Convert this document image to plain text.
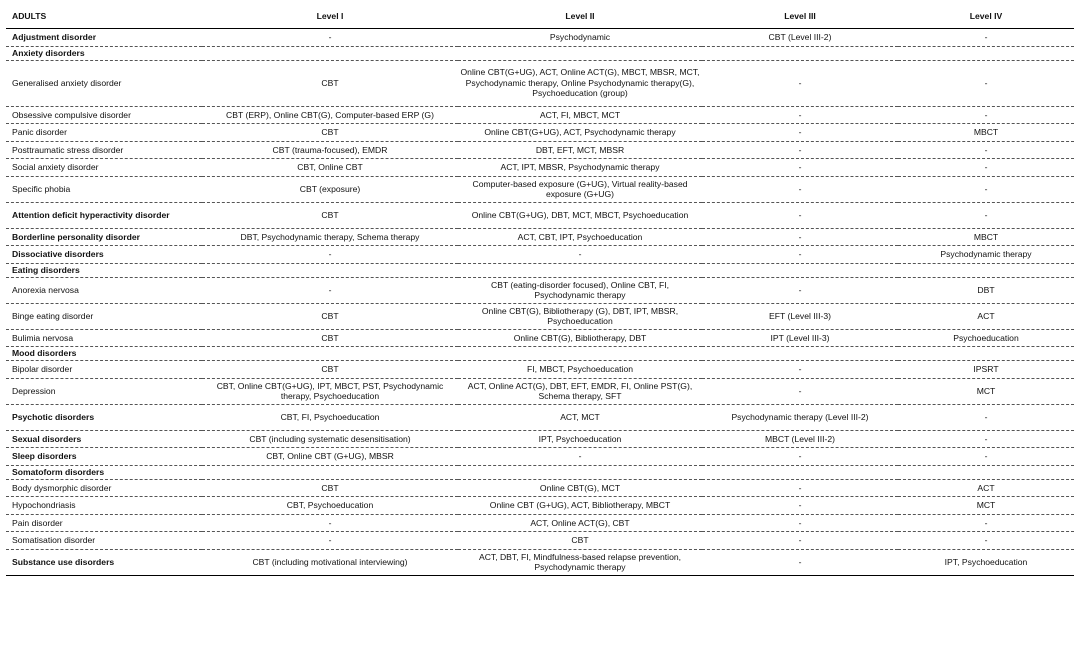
ADULTS	Level I	Level II	Level III	Level IV
Adjustment disorder	-	Psychodynamic	CBT (Level III-2)	-
Anxiety disorders				
Generalised anxiety disorder	CBT	Online CBT(G+UG), ACT, Online ACT(G), MBCT, MBSR, MCT, Psychodynamic therapy, Online Psychodynamic therapy(G), Psychoeducation (group)	-	-
Obsessive compulsive disorder	CBT (ERP), Online CBT(G), Computer-based ERP (G)	ACT, FI, MBCT, MCT	-	-
Panic disorder	CBT	Online CBT(G+UG), ACT, Psychodynamic therapy	-	MBCT
Posttraumatic stress disorder	CBT (trauma-focused), EMDR	DBT, EFT, MCT, MBSR	-	-
Social anxiety disorder	CBT, Online CBT	ACT, IPT, MBSR, Psychodynamic therapy	-	-
Specific phobia	CBT (exposure)	Computer-based exposure (G+UG), Virtual reality-based exposure (G+UG)	-	-
Attention deficit hyperactivity disorder	CBT	Online CBT(G+UG), DBT, MCT, MBCT, Psychoeducation	-	-
Borderline personality disorder	DBT, Psychodynamic therapy, Schema therapy	ACT, CBT, IPT, Psychoeducation	-	MBCT
Dissociative disorders	-	-	-	Psychodynamic therapy
Eating disorders				
Anorexia nervosa	-	CBT (eating-disorder focused), Online CBT, FI, Psychodynamic therapy	-	DBT
Binge eating disorder	CBT	Online CBT(G), Bibliotherapy (G), DBT, IPT, MBSR, Psychoeducation	EFT (Level III-3)	ACT
Bulimia nervosa	CBT	Online CBT(G), Bibliotherapy, DBT	IPT (Level III-3)	Psychoeducation
Mood disorders				
Bipolar disorder	CBT	FI, MBCT, Psychoeducation	-	IPSRT
Depression	CBT, Online CBT(G+UG), IPT, MBCT, PST, Psychodynamic therapy, Psychoeducation	ACT, Online ACT(G), DBT, EFT, EMDR, FI, Online PST(G), Schema therapy, SFT	-	MCT
Psychotic disorders	CBT, FI, Psychoeducation	ACT, MCT	Psychodynamic therapy (Level III-2)	-
Sexual disorders	CBT (including systematic desensitisation)	IPT, Psychoeducation	MBCT (Level III-2)	-
Sleep disorders	CBT, Online CBT (G+UG), MBSR	-	-	-
Somatoform disorders				
Body dysmorphic disorder	CBT	Online CBT(G), MCT	-	ACT
Hypochondriasis	CBT, Psychoeducation	Online CBT (G+UG), ACT, Bibliotherapy, MBCT	-	MCT
Pain disorder	-	ACT, Online ACT(G), CBT	-	-
Somatisation disorder	-	CBT	-	-
Substance use disorders	CBT (including motivational interviewing)	ACT, DBT, FI, Mindfulness-based relapse prevention, Psychodynamic therapy	-	IPT, Psychoeducation
